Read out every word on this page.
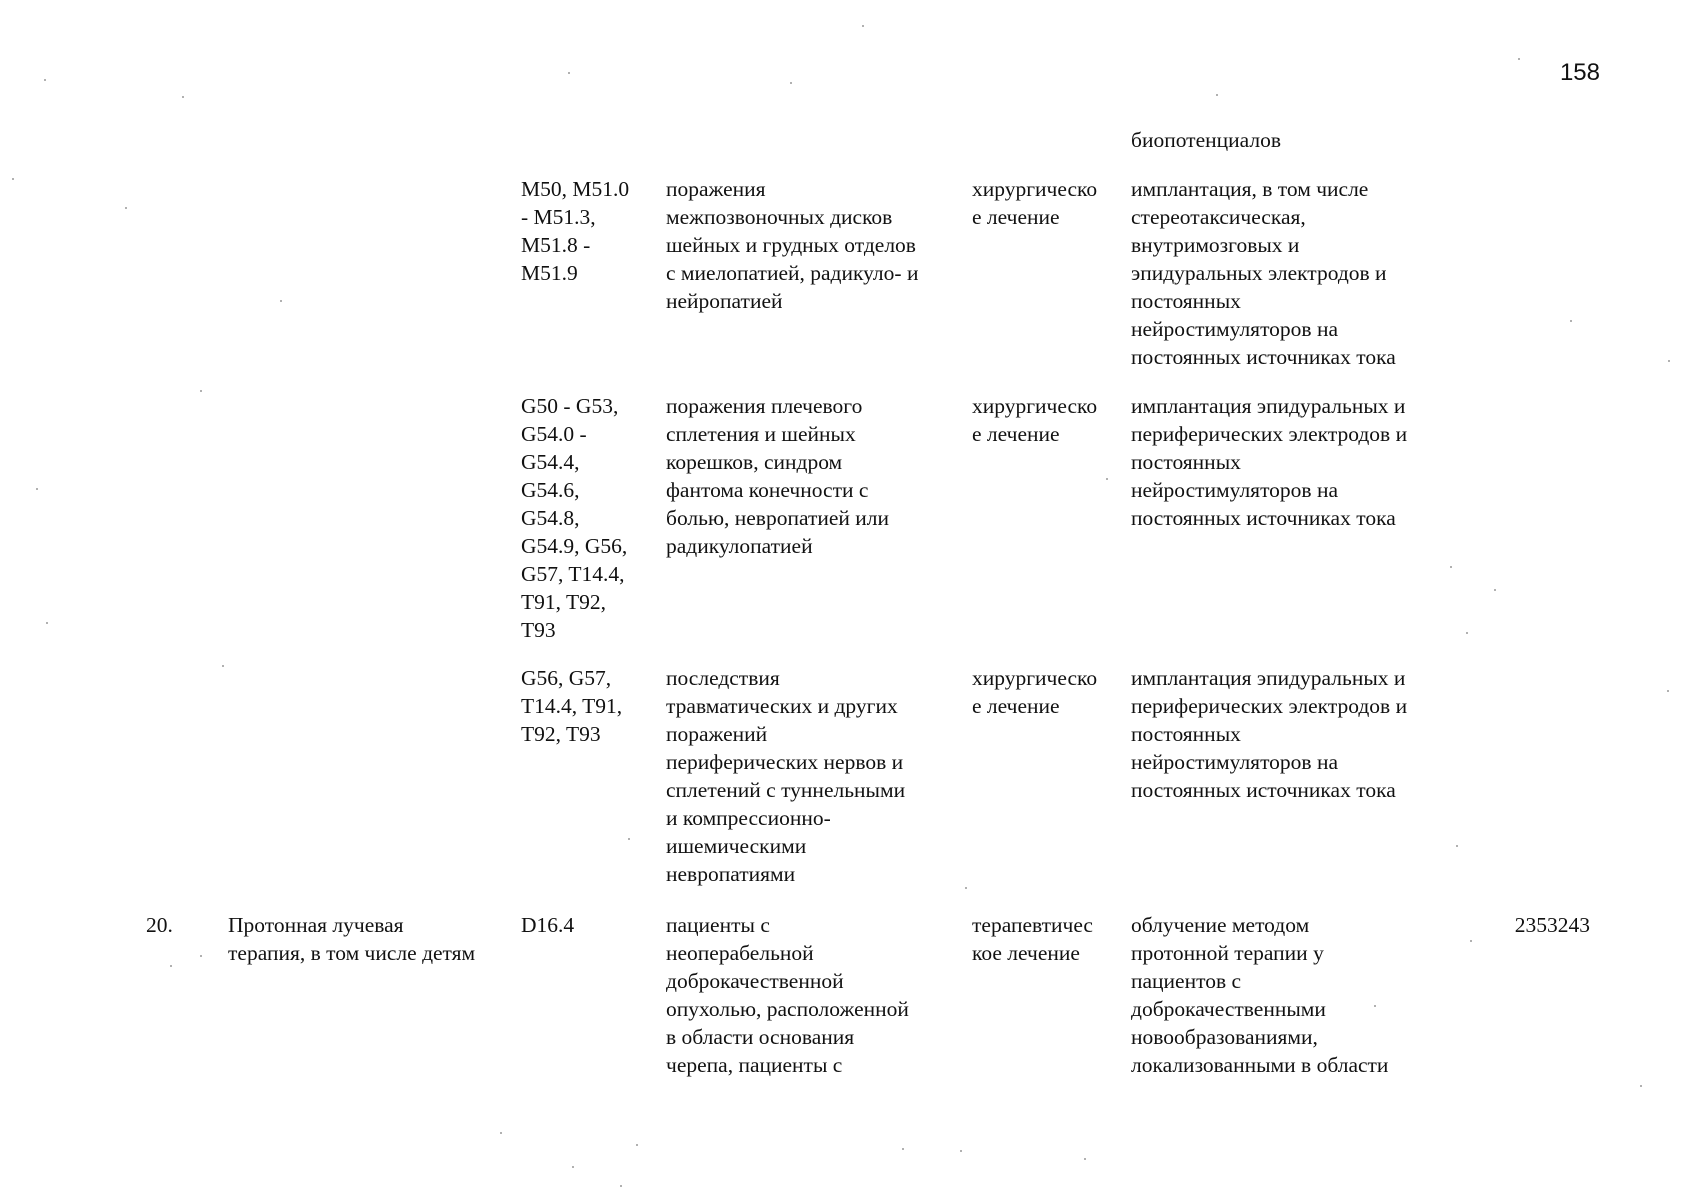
158
биопотенциалов
M50, M51.0
- M51.3,
M51.8 -
M51.9
поражения
межпозвоночных дисков
шейных и грудных отделов
с миелопатией, радикуло- и
нейропатией
хирургическо
е лечение
имплантация, в том числе
стереотаксическая,
внутримозговых и
эпидуральных электродов и
постоянных
нейростимуляторов на
постоянных источниках тока
G50 - G53,
G54.0 -
G54.4,
G54.6,
G54.8,
G54.9, G56,
G57, T14.4,
T91, T92,
T93
поражения плечевого
сплетения и шейных
корешков, синдром
фантома конечности с
болью, невропатией или
радикулопатией
хирургическо
е лечение
имплантация эпидуральных и
периферических электродов и
постоянных
нейростимуляторов на
постоянных источниках тока
G56, G57,
T14.4, T91,
T92, T93
последствия
травматических и других
поражений
периферических нервов и
сплетений с туннельными
и компрессионно-
ишемическими
невропатиями
хирургическо
е лечение
имплантация эпидуральных и
периферических электродов и
постоянных
нейростимуляторов на
постоянных источниках тока
20.	Протонная лучевая
терапия, в том числе детям
D16.4	пациенты с
неоперабельной
доброкачественной
опухолью, расположенной
в области основания
черепа, пациенты с
терапевтичес
кое лечение
облучение методом
протонной терапии у
пациентов с
доброкачественными
новообразованиями,
локализованными в области
2353243
